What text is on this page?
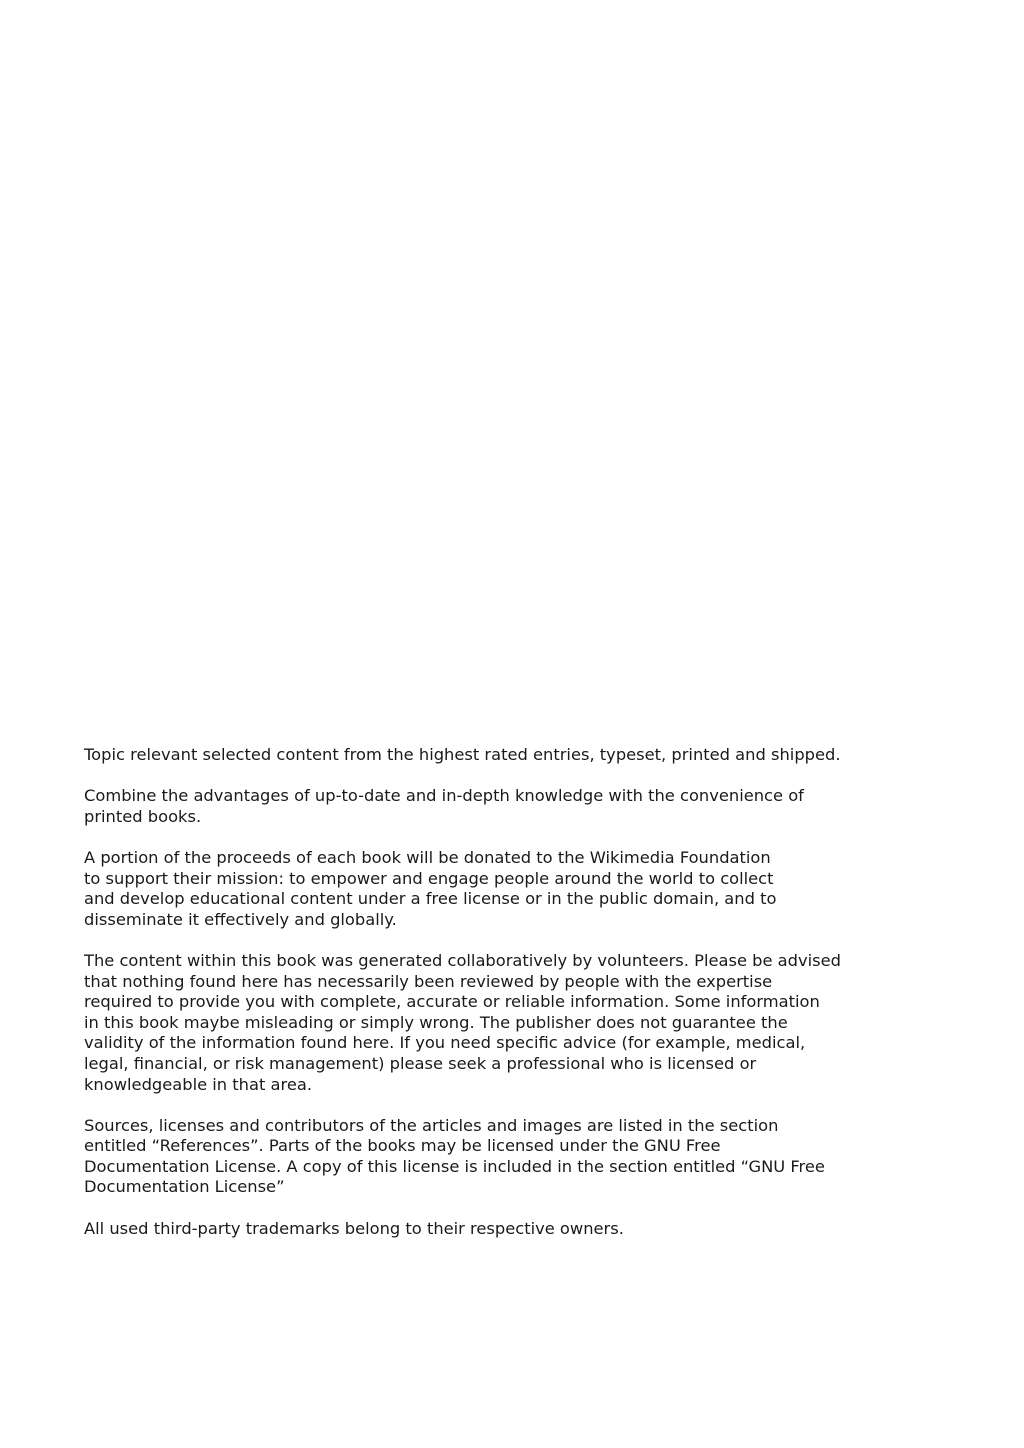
Topic relevant selected content from the highest rated entries, typeset, printed and shipped.

Combine the advantages of up-to-date and in-depth knowledge with the convenience of
printed books.

A portion of the proceeds of each book will be donated to the Wikimedia Foundation
to support their mission: to empower and engage people around the world to collect
and develop educational content under a free license or in the public domain, and to
disseminate it effectively and globally.

The content within this book was generated collaboratively by volunteers. Please be advised
that nothing found here has necessarily been reviewed by people with the expertise
required to provide you with complete, accurate or reliable information. Some information
in this book maybe misleading or simply wrong. The publisher does not guarantee the
validity of the information found here. If you need specific advice (for example, medical,
legal, financial, or risk management) please seek a professional who is licensed or
knowledgeable in that area.

Sources, licenses and contributors of the articles and images are listed in the section
entitled “References”. Parts of the books may be licensed under the GNU Free
Documentation License. A copy of this license is included in the section entitled “GNU Free
Documentation License”

All used third-party trademarks belong to their respective owners.
